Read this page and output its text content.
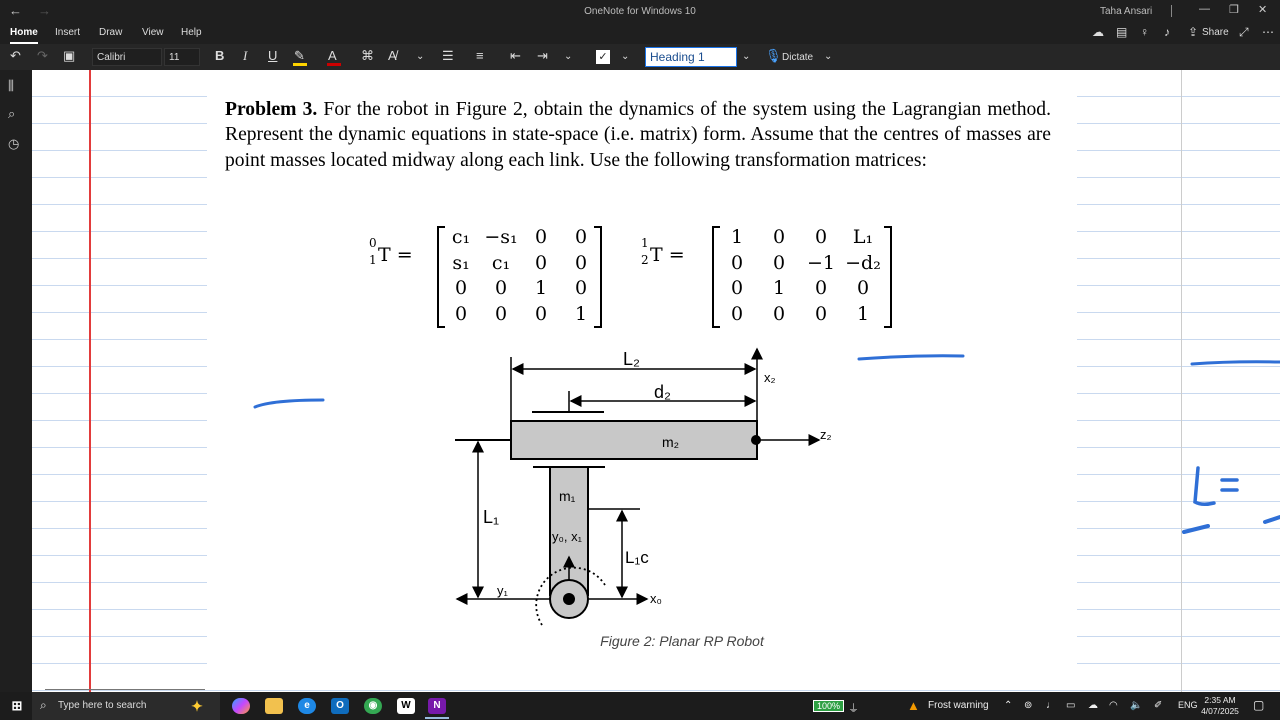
← →	OneNote for Windows 10	Taha Ansari	— ❐ ✕
Home Insert Draw View Help	☁ ▤ ♀ ♪ ⇪ Share ⤢ ⋯
↶ ↷ ▣	Calibri	11	B I U ✎ A ⌘ A̸ ⌄ ☰ ≡ ⇤ ⇥ ⌄ ✓ ⌄	Heading 1	⌄ 🎙 Dictate ⌄
⫼
⌕
◷
Problem 3. For the robot in Figure 2, obtain the dynamics of the system using the Lagrangian method. Represent the dynamic equations in state-space (i.e. matrix) form. Assume that the centres of masses are point masses located midway along each link. Use the following transformation matrices:
0
1 T =
c₁ −s₁ 0	0
s₁	c₁	0	0
0	0	1	0
0	0	0	1
1
2 T =
1	0	0	L₁
0	0	−1 −d₂
0	1	0	0
0	0	0	1
L₂
d₂
x₂
z₂
m₂
m₁
L₁
y₀, x₁
L₁c
y₁
x₀
Figure 2: Planar RP Robot
⊞ ⌕ Type here to search	✦	e	O	◉	W	N	100% ⏚	▲ Frost warning ⌃ ⊚ ♩ ▭ ☁ ◠ 🔈 ✐ ENG 2:35 AM
4/07/2025 ▢
